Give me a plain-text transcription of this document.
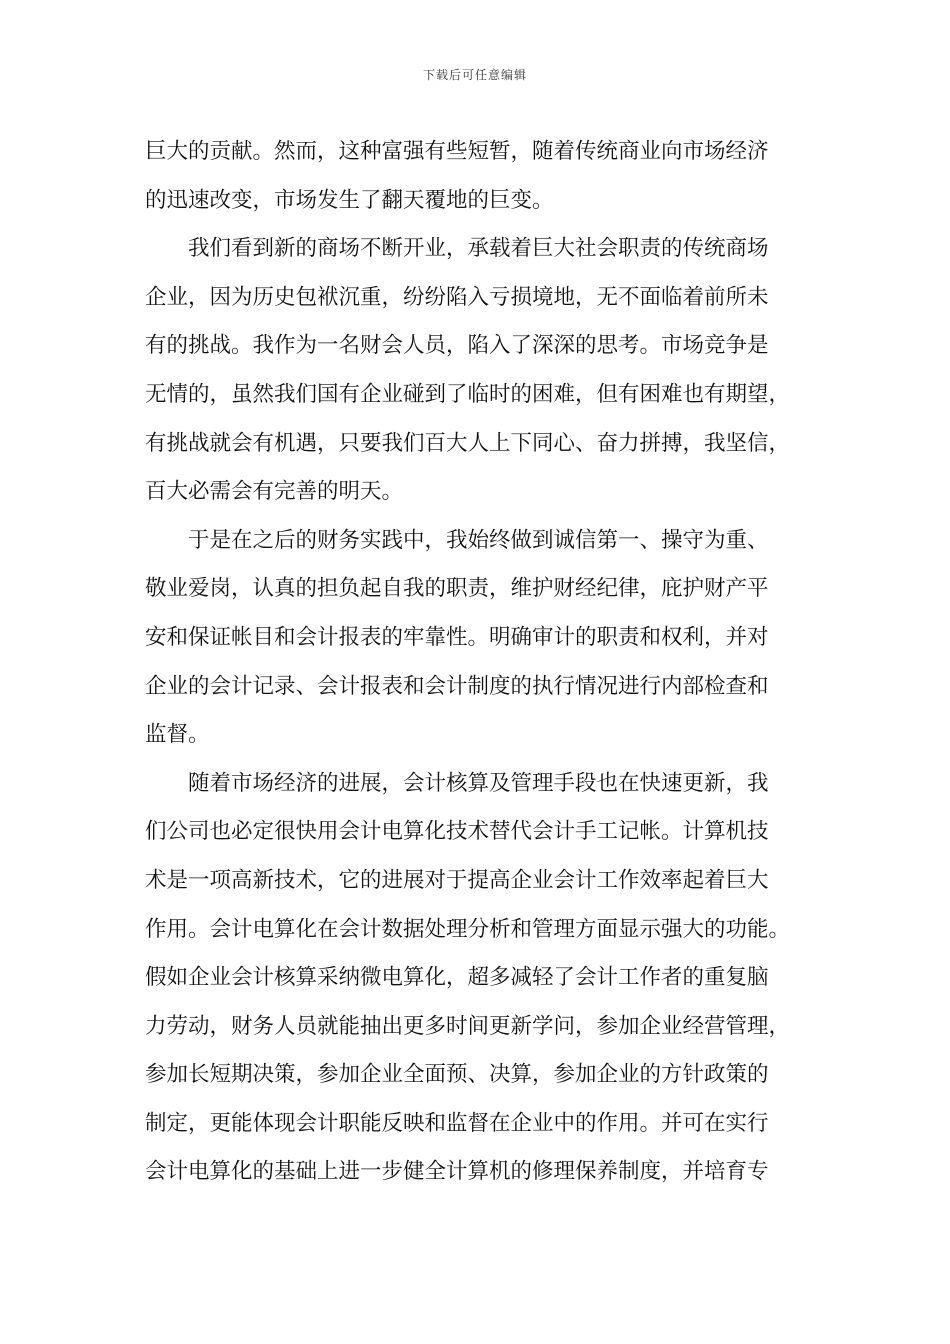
下载后可任意编辑
巨大的贡献。然而，这种富强有些短暂，随着传统商业向市场经济
的迅速改变，市场发生了翻天覆地的巨变。
我们看到新的商场不断开业，承载着巨大社会职责的传统商场
企业，因为历史包袱沉重，纷纷陷入亏损境地，无不面临着前所未
有的挑战。我作为一名财会人员，陷入了深深的思考。市场竞争是
无情的，虽然我们国有企业碰到了临时的困难，但有困难也有期望，
有挑战就会有机遇，只要我们百大人上下同心、奋力拼搏，我坚信，
百大必需会有完善的明天。
于是在之后的财务实践中，我始终做到诚信第一、操守为重、
敬业爱岗，认真的担负起自我的职责，维护财经纪律，庇护财产平
安和保证帐目和会计报表的牢靠性。明确审计的职责和权利，并对
企业的会计记录、会计报表和会计制度的执行情况进行内部检查和
监督。
随着市场经济的进展，会计核算及管理手段也在快速更新，我
们公司也必定很快用会计电算化技术替代会计手工记帐。计算机技
术是一项高新技术，它的进展对于提高企业会计工作效率起着巨大
作用。会计电算化在会计数据处理分析和管理方面显示强大的功能。
假如企业会计核算采纳微电算化，超多减轻了会计工作者的重复脑
力劳动，财务人员就能抽出更多时间更新学问，参加企业经营管理，
参加长短期决策，参加企业全面预、决算，参加企业的方针政策的
制定，更能体现会计职能反映和监督在企业中的作用。并可在实行
会计电算化的基础上进一步健全计算机的修理保养制度，并培育专
